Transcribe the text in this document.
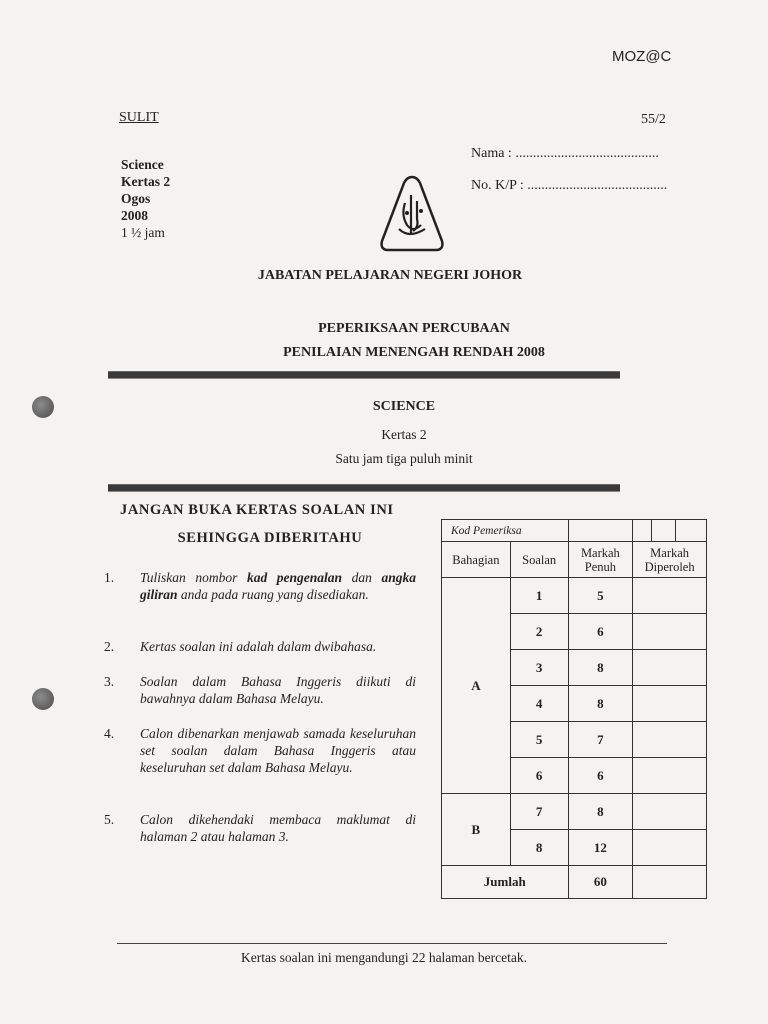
MOZ@C
SULIT	55/2
Science
Kertas 2
Ogos
2008
1 ½ jam
Nama : .........................................
No. K/P : ........................................
JABATAN PELAJARAN NEGERI JOHOR
PEPERIKSAAN PERCUBAAN
PENILAIAN MENENGAH RENDAH 2008
SCIENCE
Kertas 2
Satu jam tiga puluh minit
JANGAN BUKA KERTAS SOALAN INI
SEHINGGA DIBERITAHU
1. Tuliskan nombor kad pengenalan dan angka giliran anda pada ruang yang disediakan.
2. Kertas soalan ini adalah dalam dwibahasa.
3. Soalan dalam Bahasa Inggeris diikuti di bawahnya dalam Bahasa Melayu.
4. Calon dibenarkan menjawab samada keseluruhan set soalan dalam Bahasa Inggeris atau keseluruhan set dalam Bahasa Melayu.
5. Calon dikehendaki membaca maklumat di halaman 2 atau halaman 3.
Kod Pemeriksa					
Bahagian	Soalan	Markah Penuh	Markah Diperoleh		
A	1	5			
	2	6			
	3	8			
	4	8			
	5	7			
	6	6			
B	7	8			
	8	12			
Jumlah		60			
Kertas soalan ini mengandungi 22 halaman bercetak.
